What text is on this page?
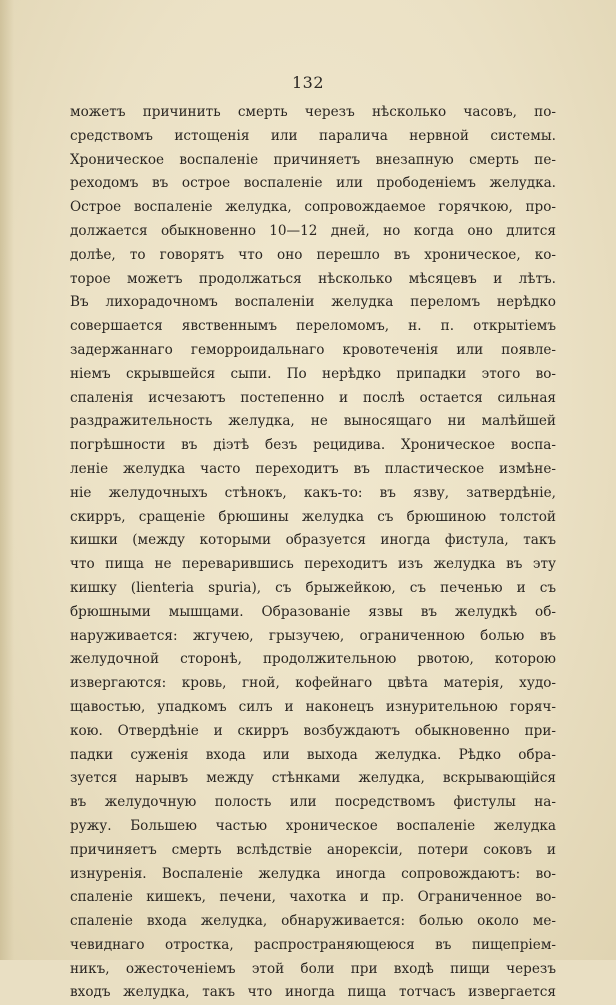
132
можетъ причинить смерть черезъ нѣсколько часовъ, по-
средствомъ истощенія или паралича нервной системы.
Хроническое воспаленіе причиняетъ внезапную смерть пе-
реходомъ въ острое воспаленіе или прободеніемъ желудка.
Острое воспаленіе желудка, сопровождаемое горячкою, про-
должается обыкновенно 10—12 дней, но когда оно длится
долѣе, то говорятъ что оно перешло въ хроническое, ко-
торое можетъ продолжаться нѣсколько мѣсяцевъ и лѣтъ.
Въ лихорадочномъ воспаленіи желудка переломъ нерѣдко
совершается явственнымъ переломомъ, н. п. открытіемъ
задержаннаго геморроидальнаго кровотеченія или появле-
ніемъ скрывшейся сыпи. По нерѣдко припадки этого во-
спаленія исчезаютъ постепенно и послѣ остается сильная
раздражительность желудка, не выносящаго ни малѣйшей
погрѣшности въ діэтѣ безъ рецидива. Хроническое воспа-
леніе желудка часто переходитъ въ пластическое измѣне-
ніе желудочныхъ стѣнокъ, какъ-то: въ язву, затвердѣніе,
скирръ, сращеніе брюшины желудка съ брюшиною толстой
кишки (между которыми образуется иногда фистула, такъ
что пища не переварившись переходитъ изъ желудка въ эту
кишку (lienteria spuria), съ брыжейкою, съ печенью и съ
брюшными мышцами. Образованіе язвы въ желудкѣ об-
наруживается: жгучею, грызучею, ограниченною болью въ
желудочной сторонѣ, продолжительною рвотою, которою
извергаются: кровь, гной, кофейнаго цвѣта матерія, худо-
щавостью, упадкомъ силъ и наконецъ изнурительною горяч-
кою. Отвердѣніе и скирръ возбуждаютъ обыкновенно при-
падки суженія входа или выхода желудка. Рѣдко обра-
зуется нарывъ между стѣнками желудка, вскрывающійся
въ желудочную полость или посредствомъ фистулы на-
ружу. Большею частью хроническое воспаленіе желудка
причиняетъ смерть вслѣдствіе анорексіи, потери соковъ и
изнуренія. Воспаленіе желудка иногда сопровождаютъ: во-
спаленіе кишекъ, печени, чахотка и пр. Ограниченное во-
спаленіе входа желудка, обнаруживается: болью около ме-
чевиднаго отростка, распространяющеюся въ пищепріем-
никъ, ожесточеніемъ этой боли при входѣ пищи черезъ
входъ желудка, такъ что иногда пища тотчасъ извергается
